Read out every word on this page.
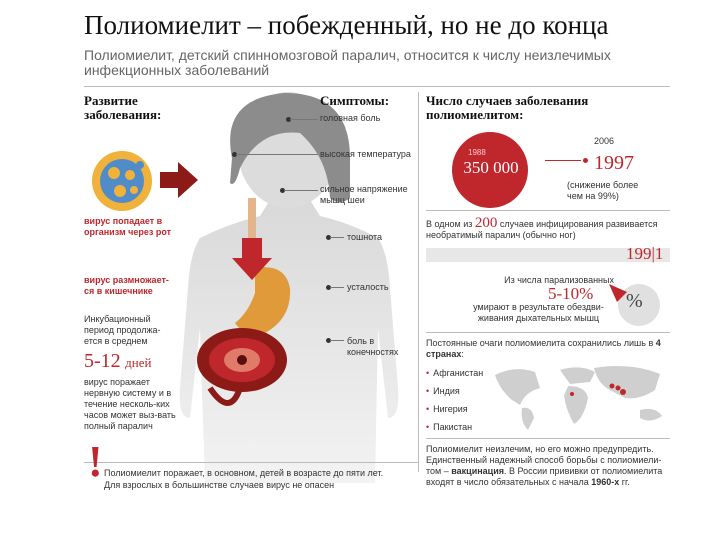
Полиомиелит – побежденный, но не до конца
Полиомиелит, детский спинномозговой паралич, относится к числу неизлечимых инфекционных заболеваний
Развитие заболевания:
вирус попадает в организм через рот
вирус размножает-ся в кишечнике
Инкубационный период продолжа-ется в среднем
5-12 дней
вирус поражает нервную систему и в течение несколь-ких часов может выз-вать полный паралич
Симптомы:
головная боль
высокая температура
сильное напряжение мышц шеи
тошнота
усталость
боль в конечностях
Число случаев заболевания полиомиелитом:
1988
350 000
2006
1997
(снижение более чем на 99%)
В одном из 200 случаев инфицирования развивается необратимый паралич (обычно ног)
199|1
Из числа парализованных
5-10%
умирают в результате обездви-живания дыхательных мышц
%
Постоянные очаги полиомиелита сохранились лишь в 4 странах:
• Афганистан
• Индия
• Нигерия
• Пакистан
Полиомиелит неизлечим, но его можно предупредить. Единственный надежный способ борьбы с полиомиели-том – вакцинация. В России прививки от полиомиелита входят в число обязательных с начала 1960-х гг.
! Полиомиелит поражает, в основном, детей в возрасте до пяти лет.
Для взрослых в большинстве случаев вирус не опасен
